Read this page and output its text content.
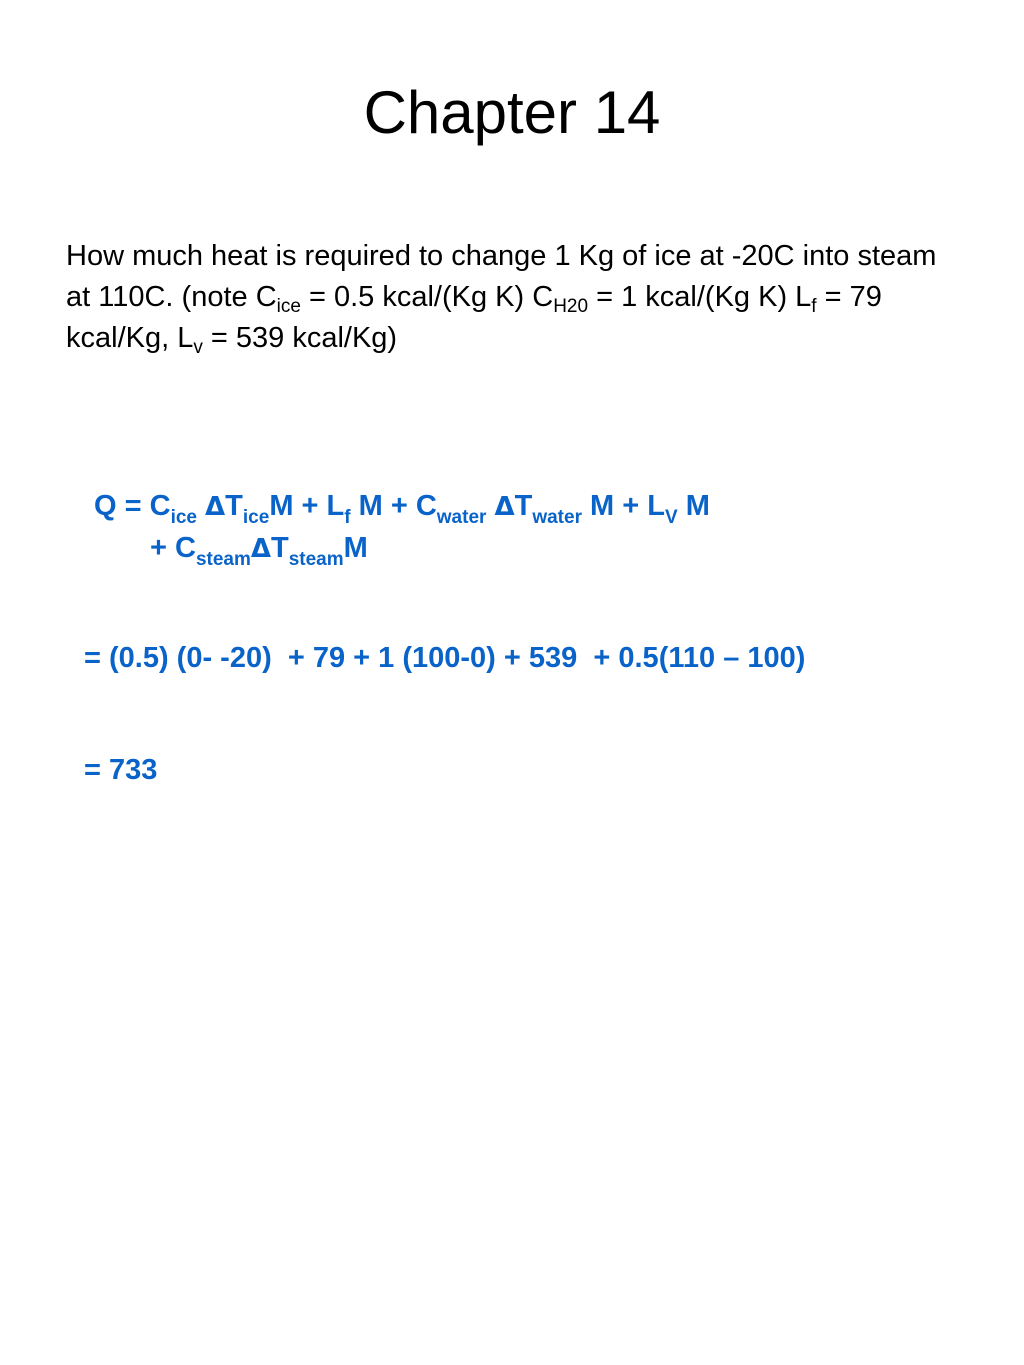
Chapter 14
How much heat is required to change 1 Kg of ice at -20C into steam at 110C. (note $C_{ice} = 0.5$ kcal/(Kg K) $C_{H20} = 1$ kcal/(Kg K) $L_f = 79$ kcal/Kg, $L_v = 539$ kcal/Kg)
$Q = C_{ice}$ $\Delta T_{ice}M + L_f$ $M + C_{water}$ $\Delta T_{water}$ $M + L_V$ M
+ $C_{steam}\Delta T_{steam}M$
= (0.5) (0- -20)  + 79 + 1 (100-0) + 539  + 0.5(110 – 100)
= 733
